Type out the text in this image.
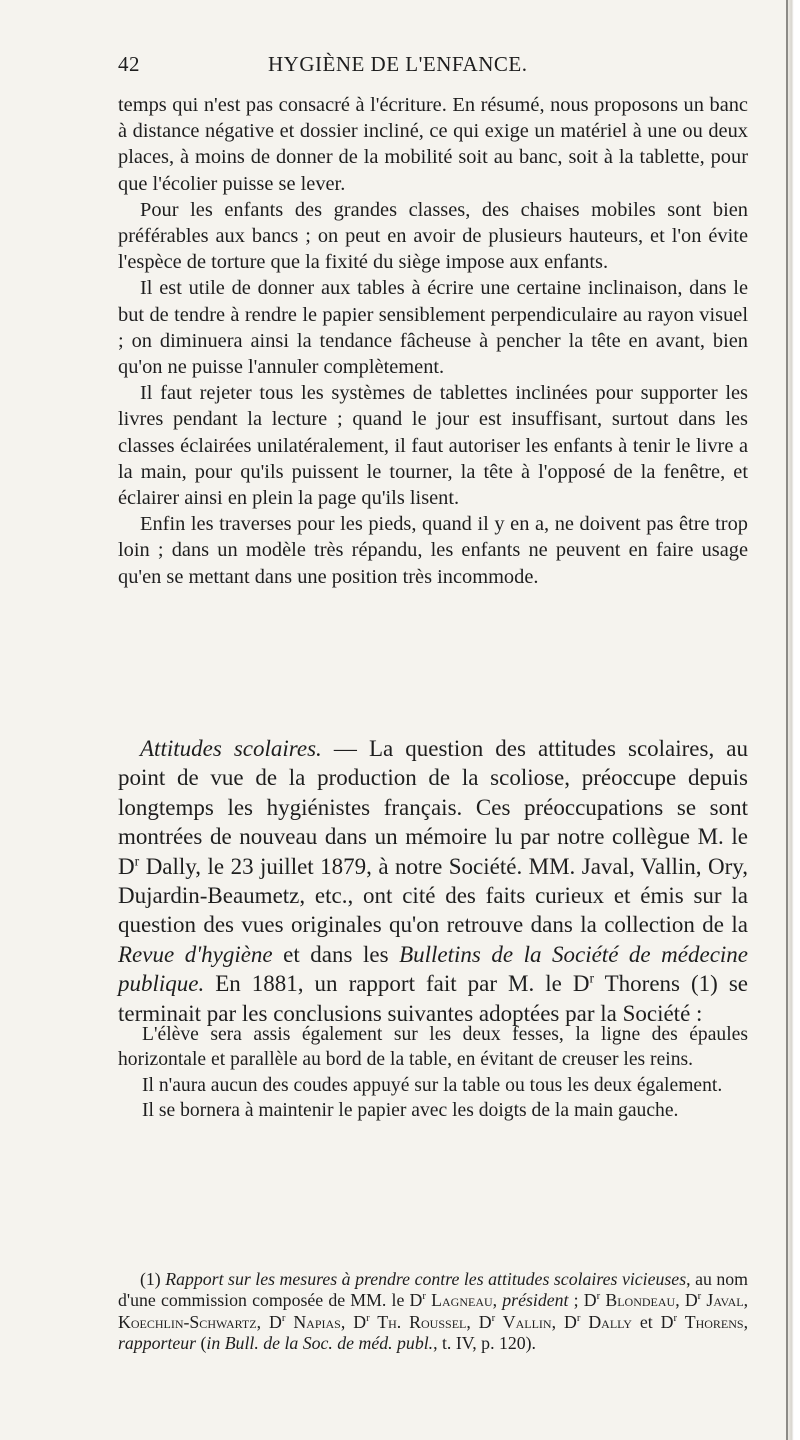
42	HYGIÈNE DE L'ENFANCE.

temps qui n'est pas consacré à l'écriture. En résumé, nous proposons un banc à distance négative et dossier incliné, ce qui exige un matériel à une ou deux places, à moins de donner de la mobilité soit au banc, soit à la tablette, pour que l'écolier puisse se lever.

Pour les enfants des grandes classes, des chaises mobiles sont bien préférables aux bancs ; on peut en avoir de plusieurs hauteurs, et l'on évite l'espèce de torture que la fixité du siège impose aux enfants.

Il est utile de donner aux tables à écrire une certaine inclinaison, dans le but de tendre à rendre le papier sensiblement perpendiculaire au rayon visuel ; on diminuera ainsi la tendance fâcheuse à pencher la tête en avant, bien qu'on ne puisse l'annuler complètement.

Il faut rejeter tous les systèmes de tablettes inclinées pour supporter les livres pendant la lecture ; quand le jour est insuffisant, surtout dans les classes éclairées unilatéralement, il faut autoriser les enfants à tenir le livre a la main, pour qu'ils puissent le tourner, la tête à l'opposé de la fenêtre, et éclairer ainsi en plein la page qu'ils lisent.

Enfin les traverses pour les pieds, quand il y en a, ne doivent pas être trop loin ; dans un modèle très répandu, les enfants ne peuvent en faire usage qu'en se mettant dans une position très incommode.

Attitudes scolaires. — La question des attitudes scolaires, au point de vue de la production de la scoliose, préoccupe depuis longtemps les hygiénistes français. Ces préoccupations se sont montrées de nouveau dans un mémoire lu par notre collègue M. le $D^r$ Dally, le 23 juillet 1879, à notre Société. MM. Javal, Vallin, Ory, Dujardin-Beaumetz, etc., ont cité des faits curieux et émis sur la question des vues originales qu'on retrouve dans la collection de la Revue d'hygiène et dans les Bulletins de la Société de médecine publique. En 1881, un rapport fait par M. le $D^r$ Thorens (1) se terminait par les conclusions suivantes adoptées par la Société :

L'élève sera assis également sur les deux fesses, la ligne des épaules horizontale et parallèle au bord de la table, en évitant de creuser les reins.

Il n'aura aucun des coudes appuyé sur la table ou tous les deux également.

Il se bornera à maintenir le papier avec les doigts de la main gauche.

(1) Rapport sur les mesures à prendre contre les attitudes scolaires vicieuses, au nom d'une commission composée de MM. le $D^r$ Lagneau, président ; $D^r$ Blondeau, $D^r$ Javal, Koechlin-Schwartz, $D^r$ Napias, $D^r$ Th. Roussel, $D^r$ Vallin, $D^r$ Dally et $D^r$ Thorens, rapporteur (in Bull. de la Soc. de méd. publ., t. IV, p. 120).
